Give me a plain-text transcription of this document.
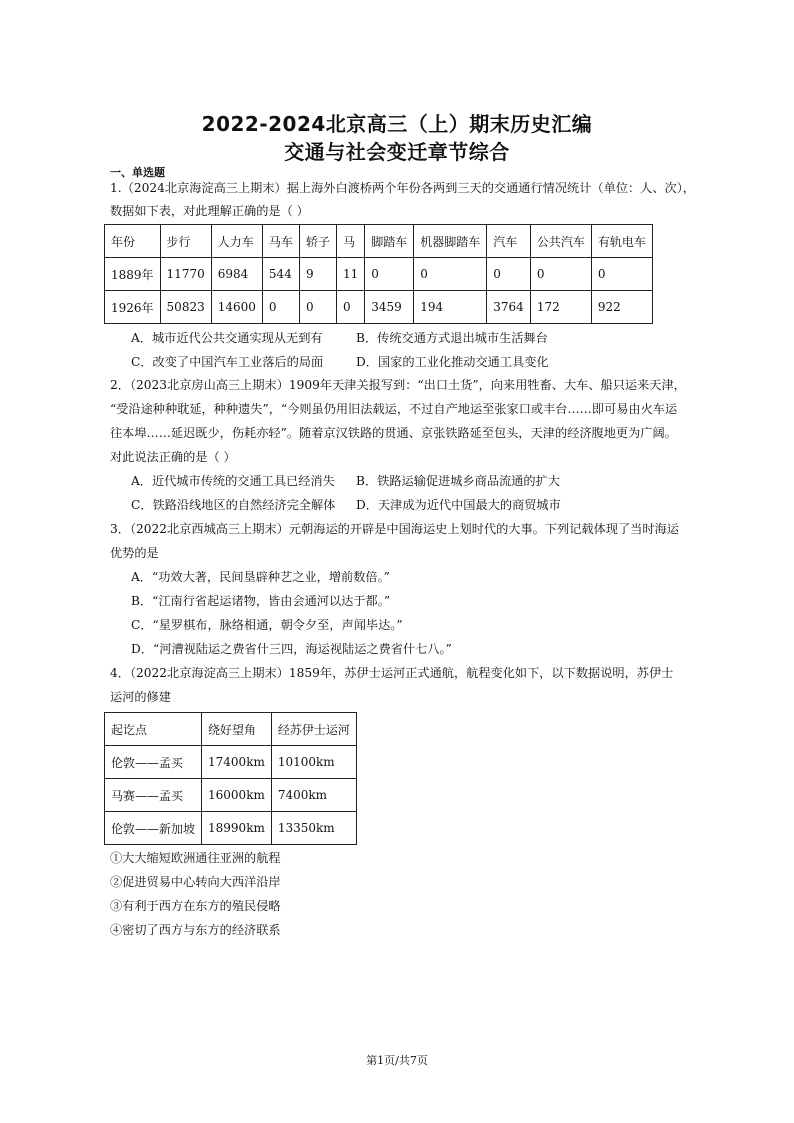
2022-2024北京高三（上）期末历史汇编
交通与社会变迁章节综合
一、单选题
1.（2024北京海淀高三上期末）据上海外白渡桥两个年份各两到三天的交通通行情况统计（单位：人、次），
数据如下表，对此理解正确的是（ ）
年份	步行	人力车	马车	轿子	马	脚踏车	机器脚踏车	汽车	公共汽车	有轨电车
1889年	11770	6984	544	9	11	0	0	0	0	0
1926年	50823	14600	0	0	0	3459	194	3764	172	922
A．城市近代公共交通实现从无到有	B．传统交通方式退出城市生活舞台
C．改变了中国汽车工业落后的局面	D．国家的工业化推动交通工具变化
2．（2023北京房山高三上期末）1909年天津关报写到：“出口土货”，向来用牲畜、大车、船只运来天津，
“受沿途种种耽延，种种遗失”，“今则虽仍用旧法载运，不过自产地运至张家口或丰台……即可易由火车运
往本埠……延迟既少，伤耗亦轻”。随着京汉铁路的贯通、京张铁路延至包头，天津的经济腹地更为广阔。
对此说法正确的是（ ）
A．近代城市传统的交通工具已经消失 B．铁路运输促进城乡商品流通的扩大
C．铁路沿线地区的自然经济完全解体 D．天津成为近代中国最大的商贸城市
3．（2022北京西城高三上期末）元朝海运的开辟是中国海运史上划时代的大事。下列记载体现了当时海运
优势的是
A．“功效大著，民间垦辟种艺之业，增前数倍。”
B．“江南行省起运诸物，皆由会通河以达于都。”
C．“星罗棋布，脉络相通，朝令夕至，声闻毕达。”
D．“河漕视陆运之费省什三四，海运视陆运之费省什七八。”
4．（2022北京海淀高三上期末）1859年，苏伊士运河正式通航，航程变化如下，以下数据说明，苏伊士
运河的修建
起讫点	绕好望角	经苏伊士运河
伦敦——孟买	17400km	10100km
马赛——孟买	16000km	7400km
伦敦——新加坡	18990km	13350km
①大大缩短欧洲通往亚洲的航程
②促进贸易中心转向大西洋沿岸
③有利于西方在东方的殖民侵略
④密切了西方与东方的经济联系
第1页/共7页
